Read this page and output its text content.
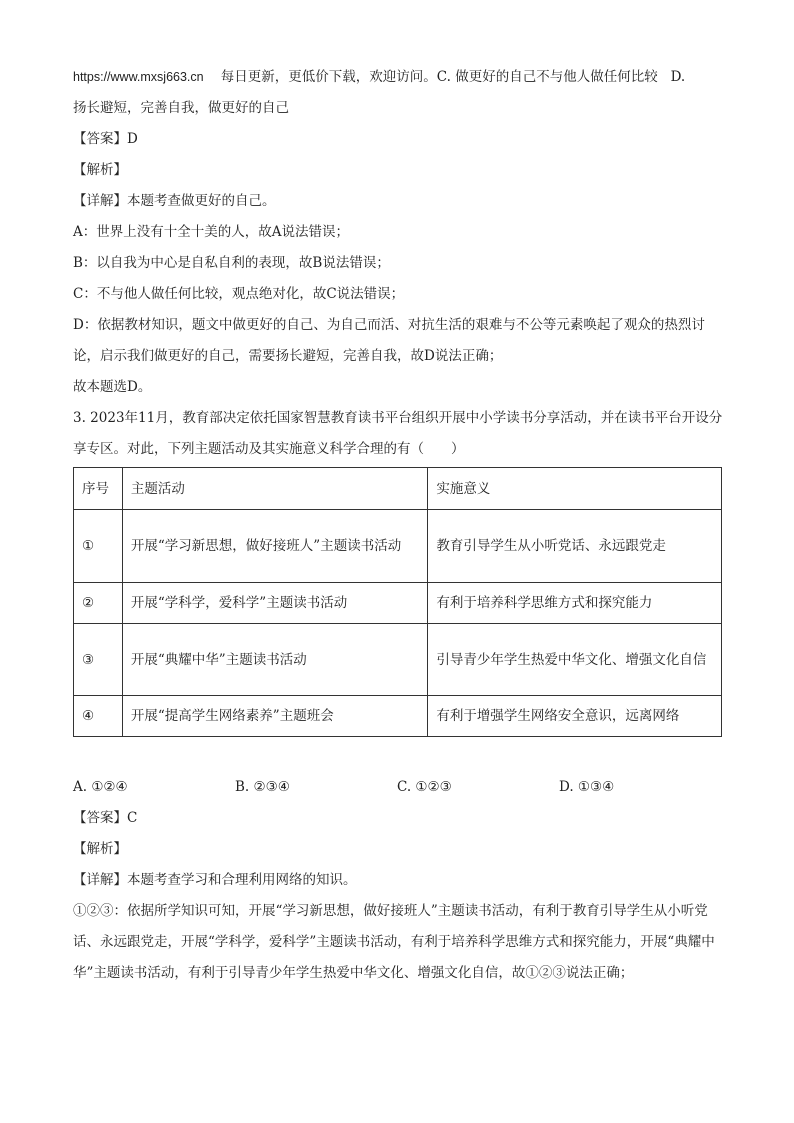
https://www.mxsj663.cn 每日更新，更低价下载，欢迎访问。C. 做更好的自己不与他人做任何比较 D.

扬长避短，完善自我，做更好的自己

【答案】D

【解析】

【详解】本题考查做更好的自己。

A：世界上没有十全十美的人，故A说法错误；

B：以自我为中心是自私自利的表现，故B说法错误；

C：不与他人做任何比较，观点绝对化，故C说法错误；

D：依据教材知识，题文中做更好的自己、为自己而活、对抗生活的艰难与不公等元素唤起了观众的热烈讨论，启示我们做更好的自己，需要扬长避短，完善自我，故D说法正确；

故本题选D。

3. 2023年11月，教育部决定依托国家智慧教育读书平台组织开展中小学读书分享活动，并在读书平台开设分享专区。对此，下列主题活动及其实施意义科学合理的有（　　）

序号	主题活动	实施意义
①	开展“学习新思想，做好接班人”主题读书活动	教育引导学生从小听党话、永远跟党走
②	开展“学科学，爱科学”主题读书活动	有利于培养科学思维方式和探究能力
③	开展“典耀中华”主题读书活动	引导青少年学生热爱中华文化、增强文化自信
④	开展“提高学生网络素养”主题班会	有利于增强学生网络安全意识，远离网络
A. ①②④	B. ②③④	C. ①②③	D. ①③④

【答案】C

【解析】

【详解】本题考查学习和合理利用网络的知识。

①②③：依据所学知识可知，开展“学习新思想，做好接班人”主题读书活动，有利于教育引导学生从小听党话、永远跟党走，开展“学科学，爱科学”主题读书活动，有利于培养科学思维方式和探究能力，开展“典耀中华”主题读书活动，有利于引导青少年学生热爱中华文化、增强文化自信，故①②③说法正确；
